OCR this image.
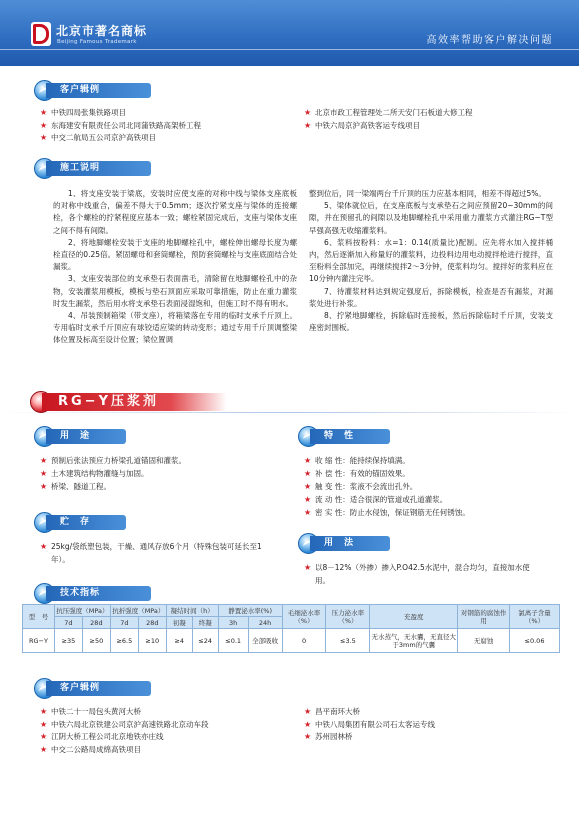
北京市著名商标
Beijing Famous Trademark	高效率帮助客户解决问题
客户辑例
★ 中铁四局张集铁路项目
★ 东海建安有限责任公司北同蒲铁路高架桥工程
★ 中交二航局五公司京沪高铁项目
★ 北京市政工程管理处二所天安门石板道大修工程
★ 中铁六局京沪高铁客运专线项目
施工说明

1、将支座安装于梁底，安装时应使支座的对称中线与梁体支座底板的对称中线重合，偏差不得大于0.5mm；逐次拧紧支座与梁体的连接螺栓，各个螺栓的拧紧程度应基本一致；螺栓紧固完成后，支座与梁体支座之间不得有间隙。

2、将地脚螺栓安装于支座的地脚螺栓孔中，螺栓伸出螺母长度为螺栓直径的0.25倍。紧固螺母和套筒螺栓，预防套筒螺栓与支座底面结合处漏浆。

3、支座安装部位的支承垫石表面凿毛，清除留在地脚螺栓孔中的杂物，安装灌浆用模板，模板与垫石顶面应采取可靠措施，防止在重力灌浆时发生漏浆，然后用水将支承垫石表面浸湿饱和，但施工时不得有明水。

4、吊装预制箱梁（带支座），将箱梁落在专用的临时支承千斤顶上。专用临时支承千斤顶应有球铰适应梁的转动变形；通过专用千斤顶调整梁体位置及标高至设计位置；梁位置调

整到位后，同一梁端两台千斤顶的压力应基本相同，相差不得超过5%。

5、梁体就位后，在支座底板与支承垫石之间应预留20~30mm的间隙，并在预留孔的间隙以及地脚螺栓孔中采用重力灌浆方式灌注RG−T型早强高强无收缩灌浆料。

6、浆料按粉料：水=1：0.14(质量比)配制。应先将水加入搅拌桶内，然后逐渐加入称量好的灌浆料，边投料边用电动搅拌枪进行搅拌，直至粉料全部加完，再继续搅拌2～3分钟，使浆料均匀。搅拌好的浆料应在10分钟内灌注完毕。

7、待灌浆材料达到规定强度后，拆除模板，检查是否有漏浆，对漏浆处进行补浆。

8、拧紧地脚螺栓，拆除临时连接板，然后拆除临时千斤顶，安装支座密封围板。

RG−Y压浆剂
用　途
★ 预制后张法预应力桥梁孔道锚固和灌浆。
★ 土木建筑结构物灌缝与加固。
★ 桥梁、隧道工程。
贮　存
★ 25kg/袋纸塑包装，干燥、通风存放6个月（特殊包装可延长至1年）。
特　性
★ 收 缩 性：能持续保持填满。
★ 补 偿 性：有效的锚固效果。
★ 触 变 性：浆液不会流出孔外。
★ 流 动 性：适合很深的管道或孔道灌浆。
★ 密 实 性：防止水侵蚀，保证钢筋无任何锈蚀。
用　法
★ 以8－12%（外掺）掺入P.O42.5水泥中，混合均匀，直接加水使用。
技术指标
型　号	抗压强度（MPa）		抗折强度（MPa）		凝结时间（h）		静置泌水率(%)		毛细泌水率（%）	压力泌水率（%）	充盈度	对钢筋的腐蚀作用	氯离子含量（%）
	7d	28d	7d	28d	初凝	终凝	3h	24h					
RG−Y	≥35	≥50	≥6.5	≥10	≥4	≤24	≤0.1	全部吸收	0	≤3.5	无水蒸气，无水囊，无直径大于3mm的气囊	无腐蚀	≤0.06
客户辑例
★ 中铁二十一局包头黄河大桥
★ 中铁六局北京铁建公司京沪高速铁路北京动车段
★ 江阴大桥工程公司北京地铁亦庄线
★ 中交二公路局成绵高铁项目
★ 昌平南环大桥
★ 中铁八局集团有限公司石太客运专线
★ 苏州园林桥
